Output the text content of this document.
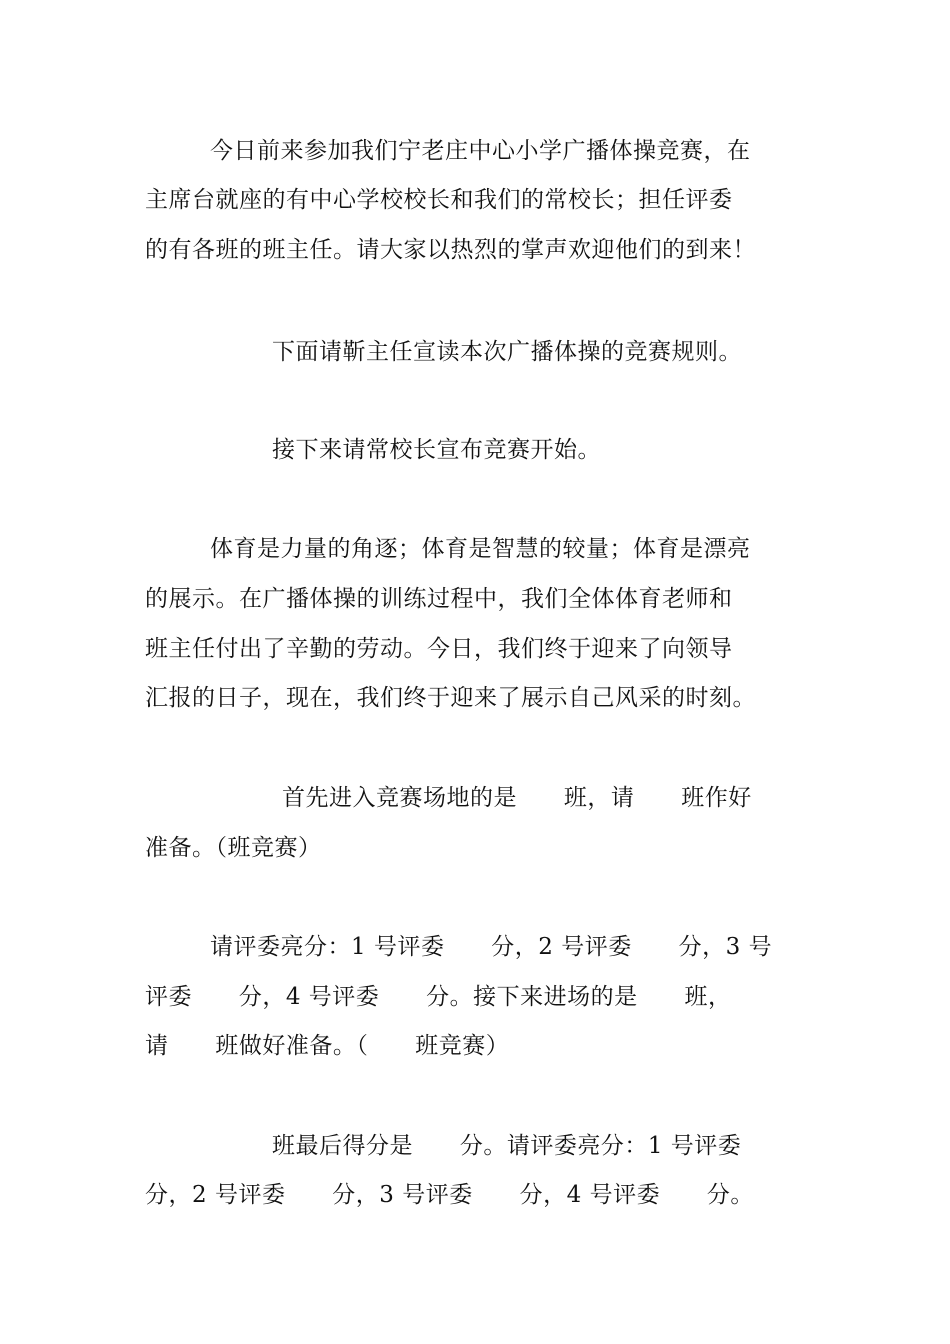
今日前来参加我们宁老庄中心小学广播体操竞赛，在
主席台就座的有中心学校校长和我们的常校长；担任评委
的有各班的班主任。请大家以热烈的掌声欢迎他们的到来！
下面请靳主任宣读本次广播体操的竞赛规则。
接下来请常校长宣布竞赛开始。
体育是力量的角逐；体育是智慧的较量；体育是漂亮
的展示。在广播体操的训练过程中，我们全体体育老师和
班主任付出了辛勤的劳动。今日，我们终于迎来了向领导
汇报的日子，现在，我们终于迎来了展示自己风采的时刻。
首先进入竞赛场地的是      班，请      班作好
准备。（班竞赛）
请评委亮分：1 号评委      分，2 号评委      分，3 号
评委      分，4 号评委      分。接下来进场的是      班，
请      班做好准备。（      班竞赛）
班最后得分是      分。请评委亮分：1 号评委
分，2 号评委      分，3 号评委      分，4 号评委      分。
